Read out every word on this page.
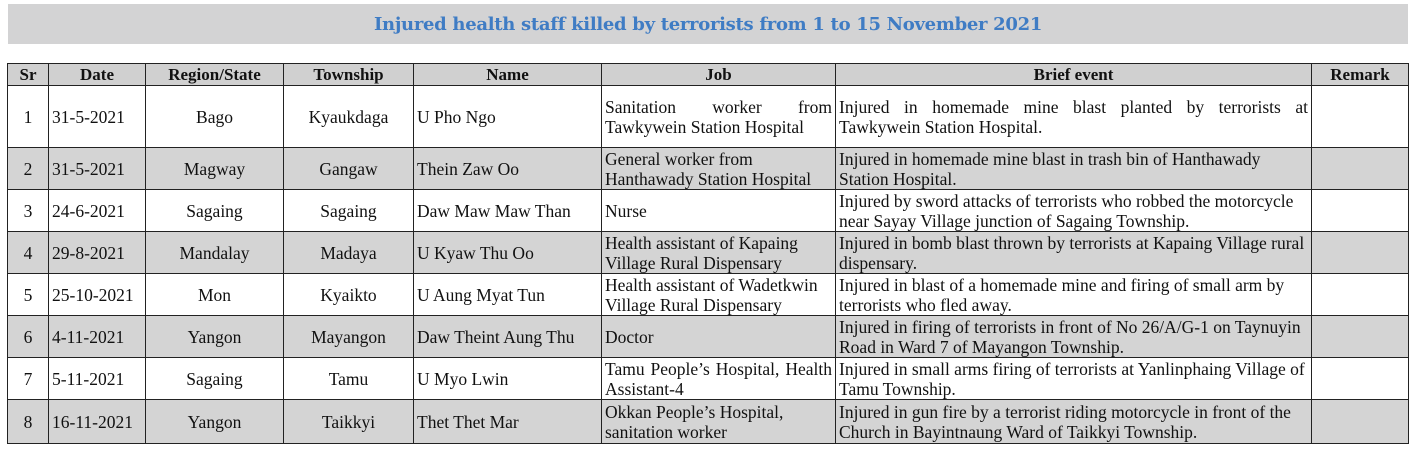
Injured health staff killed by terrorists from 1 to 15 November 2021
Sr	Date	Region/State	Township	Name	Job	Brief event	Remark
1	31-5-2021	Bago	Kyaukdaga	U Pho Ngo	Sanitation worker from Tawkywein Station Hospital	Injured in homemade mine blast planted by terrorists at Tawkywein Station Hospital.	
2	31-5-2021	Magway	Gangaw	Thein Zaw Oo	General worker from Hanthawady Station Hospital	Injured in homemade mine blast in trash bin of Hanthawady Station Hospital.	
3	24-6-2021	Sagaing	Sagaing	Daw Maw Maw Than	Nurse	Injured by sword attacks of terrorists who robbed the motorcycle near Sayay Village junction of Sagaing Township.	
4	29-8-2021	Mandalay	Madaya	U Kyaw Thu Oo	Health assistant of Kapaing Village Rural Dispensary	Injured in bomb blast thrown by terrorists at Kapaing Village rural dispensary.	
5	25-10-2021	Mon	Kyaikto	U Aung Myat Tun	Health assistant of Wadetkwin Village Rural Dispensary	Injured in blast of a homemade mine and firing of small arm by terrorists who fled away.	
6	4-11-2021	Yangon	Mayangon	Daw Theint Aung Thu	Doctor	Injured in firing of terrorists in front of No 26/A/G-1 on Taynuyin Road in Ward 7 of Mayangon Township.	
7	5-11-2021	Sagaing	Tamu	U Myo Lwin	Tamu People’s Hospital, Health Assistant-4	Injured in small arms firing of terrorists at Yanlinphaing Village of Tamu Township.	
8	16-11-2021	Yangon	Taikkyi	Thet Thet Mar	Okkan People’s Hospital, sanitation worker	Injured in gun fire by a terrorist riding motorcycle in front of the Church in Bayintnaung Ward of Taikkyi Township.	
